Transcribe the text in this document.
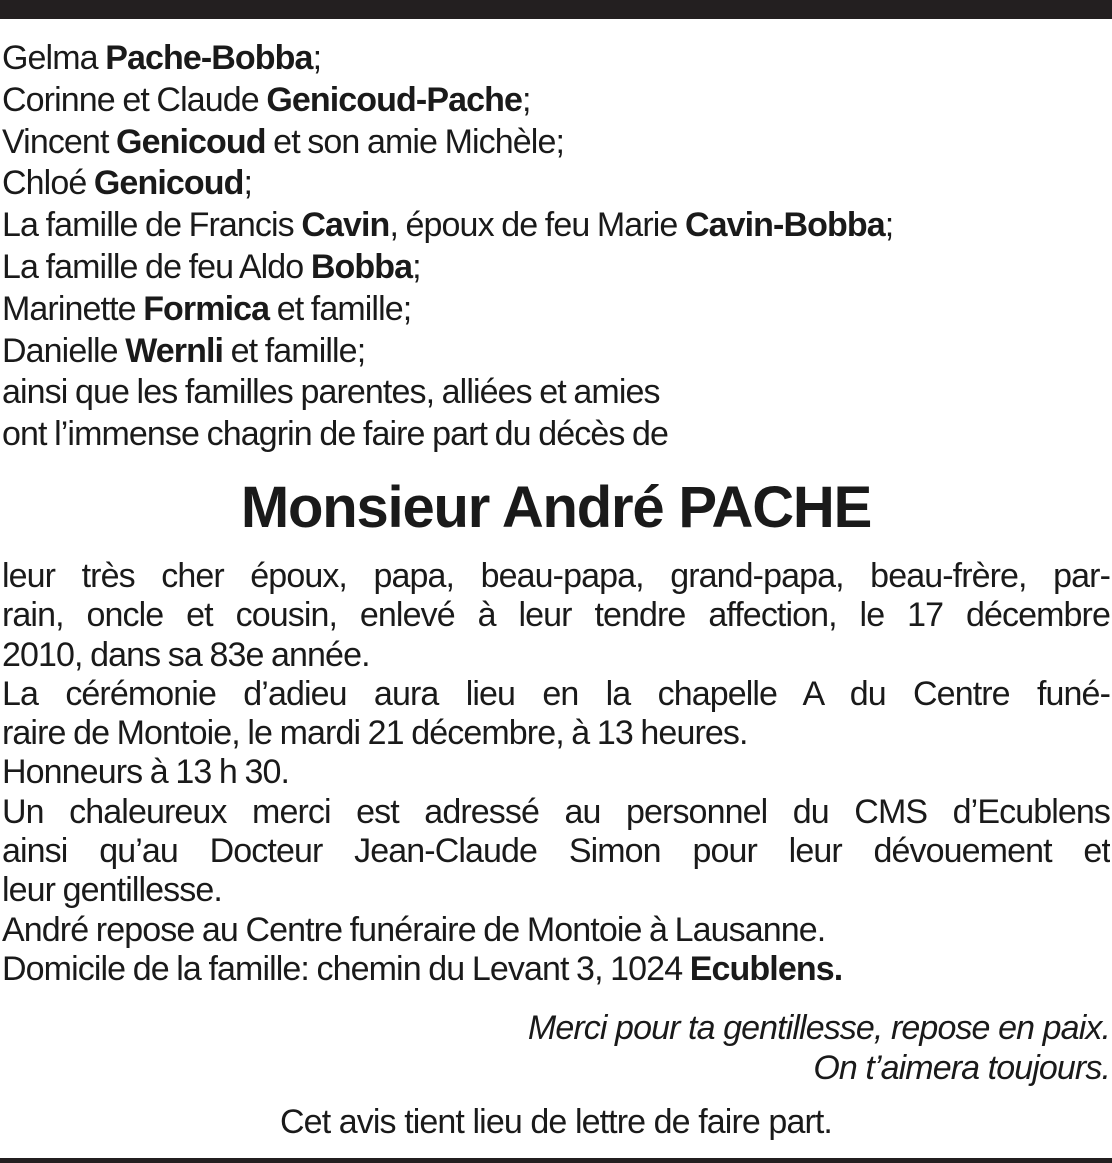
Gelma Pache-Bobba;
Corinne et Claude Genicoud-Pache;
Vincent Genicoud et son amie Michèle;
Chloé Genicoud;
La famille de Francis Cavin, époux de feu Marie Cavin-Bobba;
La famille de feu Aldo Bobba;
Marinette Formica et famille;
Danielle Wernli et famille;
ainsi que les familles parentes, alliées et amies
ont l’immense chagrin de faire part du décès de
Monsieur André PACHE
leur très cher époux, papa, beau-papa, grand-papa, beau-frère, par-
rain, oncle et cousin, enlevé à leur tendre affection, le 17 décembre
2010, dans sa 83e année.
La cérémonie d’adieu aura lieu en la chapelle A du Centre funé-
raire de Montoie, le mardi 21 décembre, à 13 heures.
Honneurs à 13 h 30.
Un chaleureux merci est adressé au personnel du CMS d’Ecublens
ainsi qu’au Docteur Jean-Claude Simon pour leur dévouement et
leur gentillesse.
André repose au Centre funéraire de Montoie à Lausanne.
Domicile de la famille: chemin du Levant 3, 1024 Ecublens.
Merci pour ta gentillesse, repose en paix.
On t’aimera toujours.
Cet avis tient lieu de lettre de faire part.
